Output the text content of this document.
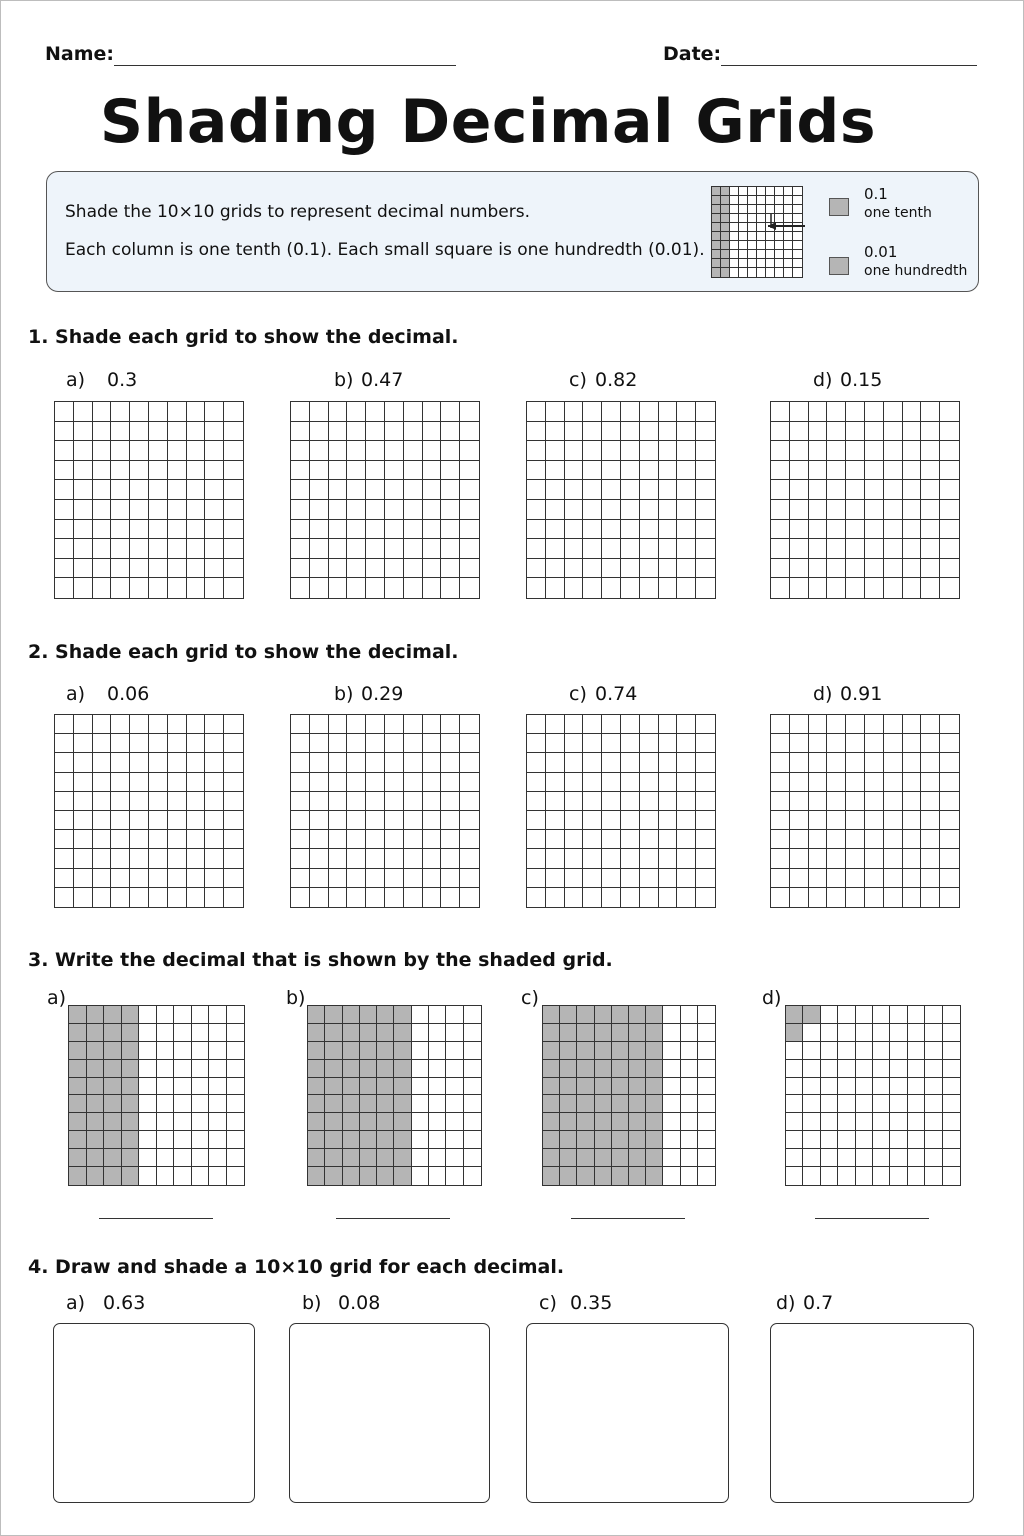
Name:	Date:
Shading Decimal Grids
Shade the 10×10 grids to represent decimal numbers.
Each column is one tenth (0.1). Each small square is one hundredth (0.01).
0.1
one tenth
0.01
one hundredth
1. Shade each grid to show the decimal.
a) 0.3	b) 0.47	c) 0.82	d) 0.15
2. Shade each grid to show the decimal.
a) 0.06	b) 0.29	c) 0.74	d) 0.91
3. Write the decimal that is shown by the shaded grid.
a)	b)	c)	d)
4. Draw and shade a 10×10 grid for each decimal.
a) 0.63	b) 0.08	c) 0.35	d) 0.7
